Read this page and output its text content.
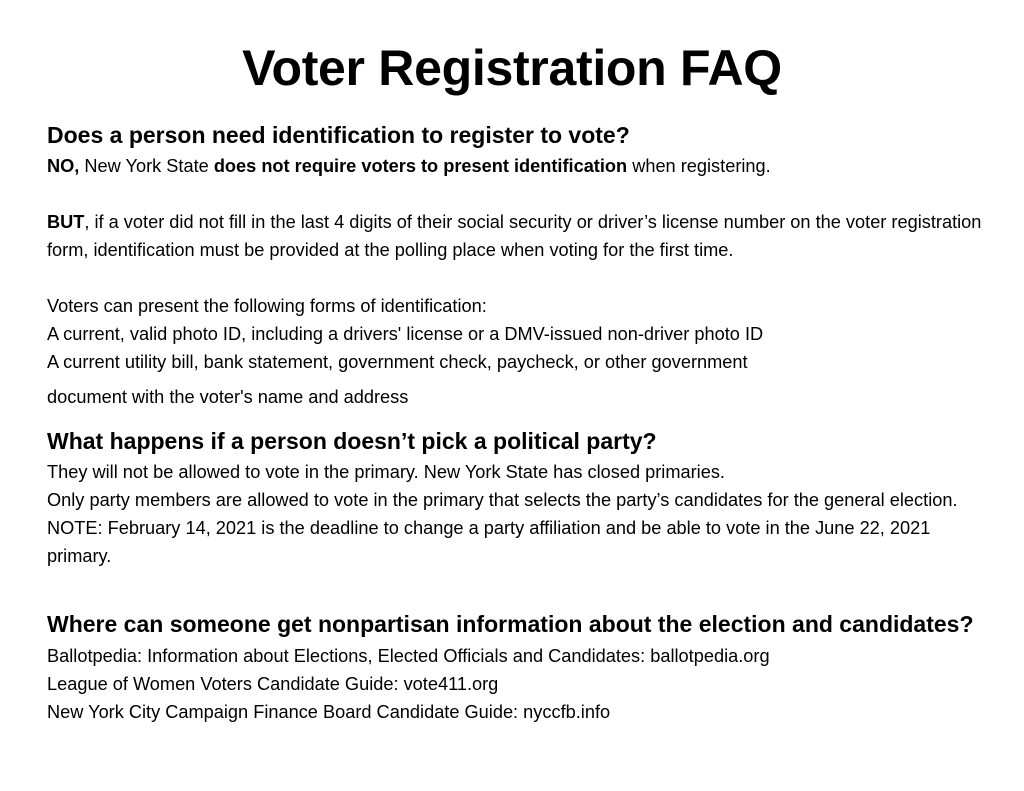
Voter Registration FAQ

Does a person need identification to register to vote?

NO, New York State does not require voters to present identification when registering.

BUT, if a voter did not fill in the last 4 digits of their social security or driver’s license number on the voter registration form, identification must be provided at the polling place when voting for the first time.

Voters can present the following forms of identification:

A current, valid photo ID, including a drivers' license or a DMV-issued non-driver photo ID

A current utility bill, bank statement, government check, paycheck, or other government

document with the voter's name and address

What happens if a person doesn’t pick a political party?

They will not be allowed to vote in the primary. New York State has closed primaries.

Only party members are allowed to vote in the primary that selects the party’s candidates for the general election. NOTE: February 14, 2021 is the deadline to change a party affiliation and be able to vote in the June 22, 2021 primary.

Where can someone get nonpartisan information about the election and candidates?

Ballotpedia: Information about Elections, Elected Officials and Candidates: ballotpedia.org

League of Women Voters Candidate Guide: vote411.org

New York City Campaign Finance Board Candidate Guide: nyccfb.info
